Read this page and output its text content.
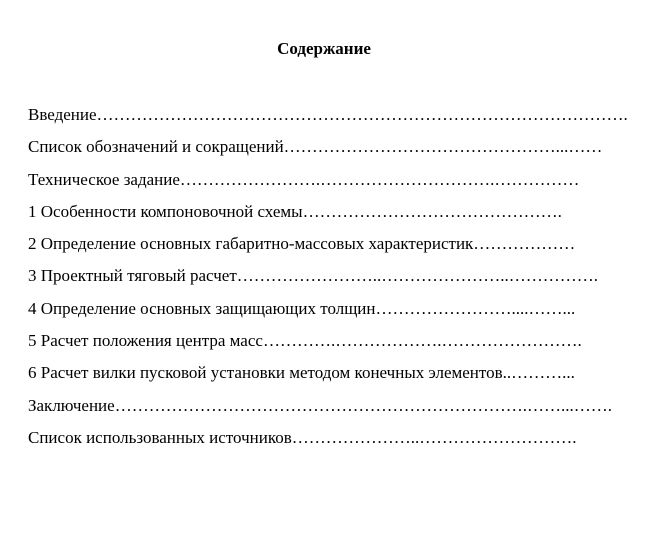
Содержание
Введение………………………………………………………………………………….
Список обозначений и сокращений…………………………………………...……
Техническое задание…………………….………………………….……………
1 Особенности компоновочной схемы……………………………………….
2 Определение основных габаритно-массовых характеристик………………
3 Проектный тяговый расчет……………………..…………………..…………….
4 Определение основных защищающих толщин……………………....……...
5 Расчет положения центра масс………….……………….…………………….
6 Расчет вилки пусковой установки методом конечных элементов..………...
Заключение……………………………………………………………….……...…….
Список использованных источников…………………..……………………….
